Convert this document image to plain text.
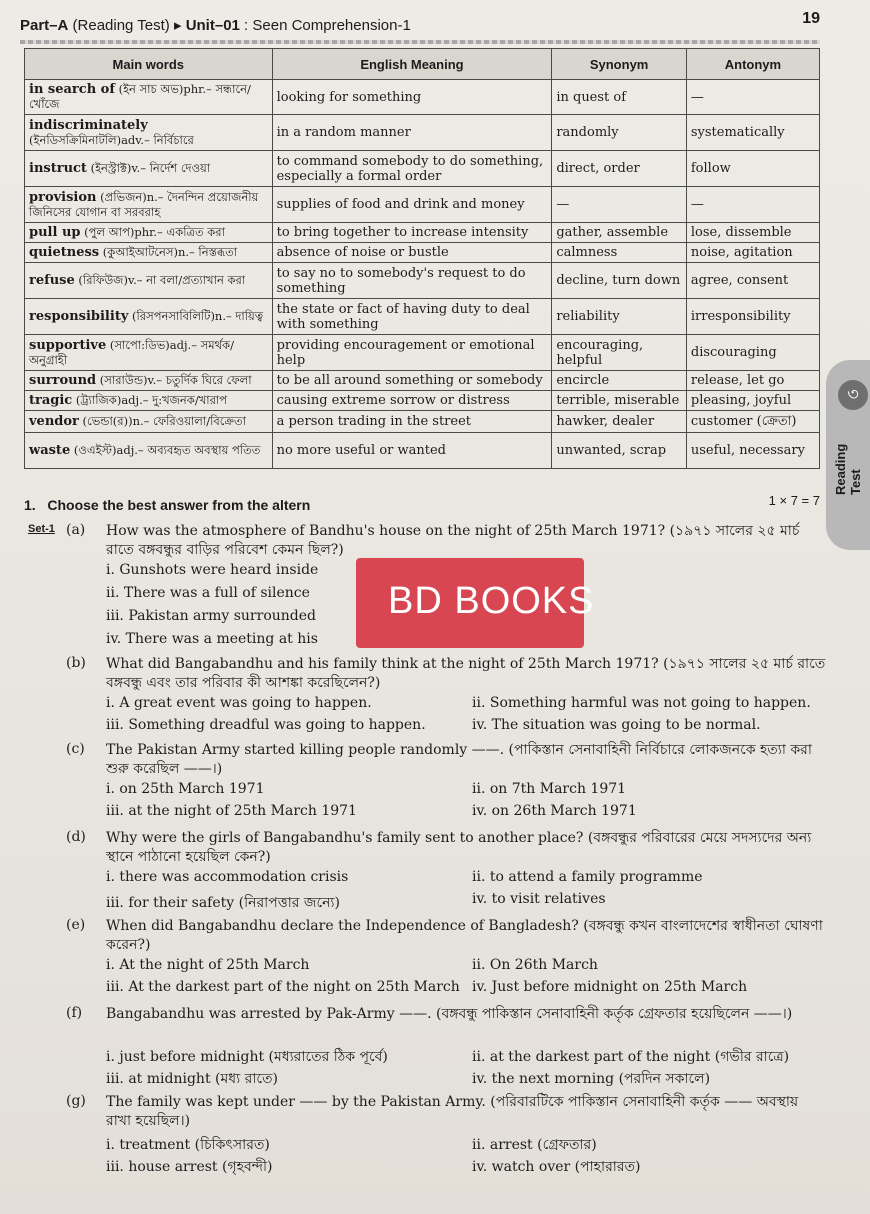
Part–A (Reading Test) ▸ Unit–01 : Seen Comprehension-1	19
Main words	English Meaning	Synonym	Antonym
in search of (ইন সাচ অভ)phr.– সন্ধানে/খোঁজে	looking for something	in quest of	—
indiscriminately (ইনডিসক্রিমিনাটলি)adv.– নির্বিচারে	in a random manner	randomly	systematically
instruct (ইনস্ট্রাক্ট)v.– নির্দেশ দেওয়া	to command somebody to do something, especially a formal order	direct, order	follow
provision (প্রভিজন)n.– দৈনন্দিন প্রয়োজনীয় জিনিসের যোগান বা সরবরাহ	supplies of food and drink and money	—	—
pull up (পুল আপ)phr.– একত্রিত করা	to bring together to increase intensity	gather, assemble	lose, dissemble
quietness (কুআইআটনেস)n.– নিস্তব্ধতা	absence of noise or bustle	calmness	noise, agitation
refuse (রিফিউজ)v.– না বলা/প্রত্যাখান করা	to say no to somebody's request to do something	decline, turn down	agree, consent
responsibility (রিসপনসাবিলিটি)n.– দায়িত্ব	the state or fact of having duty to deal with something	reliability	irresponsibility
supportive (সাপো:ডিভ)adj.– সমর্থক/অনুগ্রাহী	providing encouragement or emotional help	encouraging, helpful	discouraging
surround (সারাউন্ড)v.– চতুর্দিক ঘিরে ফেলা	to be all around something or somebody	encircle	release, let go
tragic (ট্র্যাজিক)adj.– দু:খজনক/খারাপ	causing extreme sorrow or distress	terrible, miserable	pleasing, joyful
vendor (ভেন্ডা(র))n.– ফেরিওয়ালা/বিক্রেতা	a person trading in the street	hawker, dealer	customer (ক্রেতা)
waste (ওএইস্ট)adj.– অব্যবহৃত অবস্থায় পতিত	no more useful or wanted	unwanted, scrap	useful, necessary
1. Choose the best answer from the altern	1 × 7 = 7
Set-1 (a) How was the atmosphere of Bandhu's house on the night of 25th March 1971? (১৯৭১ সালের ২৫ মার্চ রাতে বঙ্গবন্ধুর বাড়ির পরিবেশ কেমন ছিল?)
i. Gunshots were heard inside
ii. There was a full of silence
iii. Pakistan army surrounded
iv. There was a meeting at his
(b) What did Bangabandhu and his family think at the night of 25th March 1971? (১৯৭১ সালের ২৫ মার্চ রাতে বঙ্গবন্ধু এবং তার পরিবার কী আশঙ্কা করেছিলেন?)
i. A great event was going to happen.	ii. Something harmful was not going to happen.
iii. Something dreadful was going to happen.	iv. The situation was going to be normal.
(c) The Pakistan Army started killing people randomly ——. (পাকিস্তান সেনাবাহিনী নির্বিচারে লোকজনকে হত্যা করা শুরু করেছিল ——।)
i. on 25th March 1971	ii. on 7th March 1971
iii. at the night of 25th March 1971	iv. on 26th March 1971
(d) Why were the girls of Bangabandhu's family sent to another place? (বঙ্গবন্ধুর পরিবারের মেয়ে সদস্যদের অন্য স্থানে পাঠানো হয়েছিল কেন?)
i. there was accommodation crisis	ii. to attend a family programme
iii. for their safety (নিরাপত্তার জন্যে)	iv. to visit relatives
(e) When did Bangabandhu declare the Independence of Bangladesh? (বঙ্গবন্ধু কখন বাংলাদেশের স্বাধীনতা ঘোষণা করেন?)
i. At the night of 25th March	ii. On 26th March
iii. At the darkest part of the night on 25th March iv. Just before midnight on 25th March
(f) Bangabandhu was arrested by Pak-Army ——. (বঙ্গবন্ধু পাকিস্তান সেনাবাহিনী কর্তৃক গ্রেফতার হয়েছিলেন ——।)
i. just before midnight (মধ্যরাতের ঠিক পূর্বে)	ii. at the darkest part of the night (গভীর রাত্রে)
iii. at midnight (মধ্য রাতে)	iv. the next morning (পরদিন সকালে)
(g) The family was kept under —— by the Pakistan Army. (পরিবারটিকে পাকিস্তান সেনাবাহিনী কর্তৃক —— অবস্থায় রাখা হয়েছিল।)
i. treatment (চিকিৎসারত)	ii. arrest (গ্রেফতার)
iii. house arrest (গৃহবন্দী)	iv. watch over (পাহারারত)
BD BOOKS
৩
Reading Test
